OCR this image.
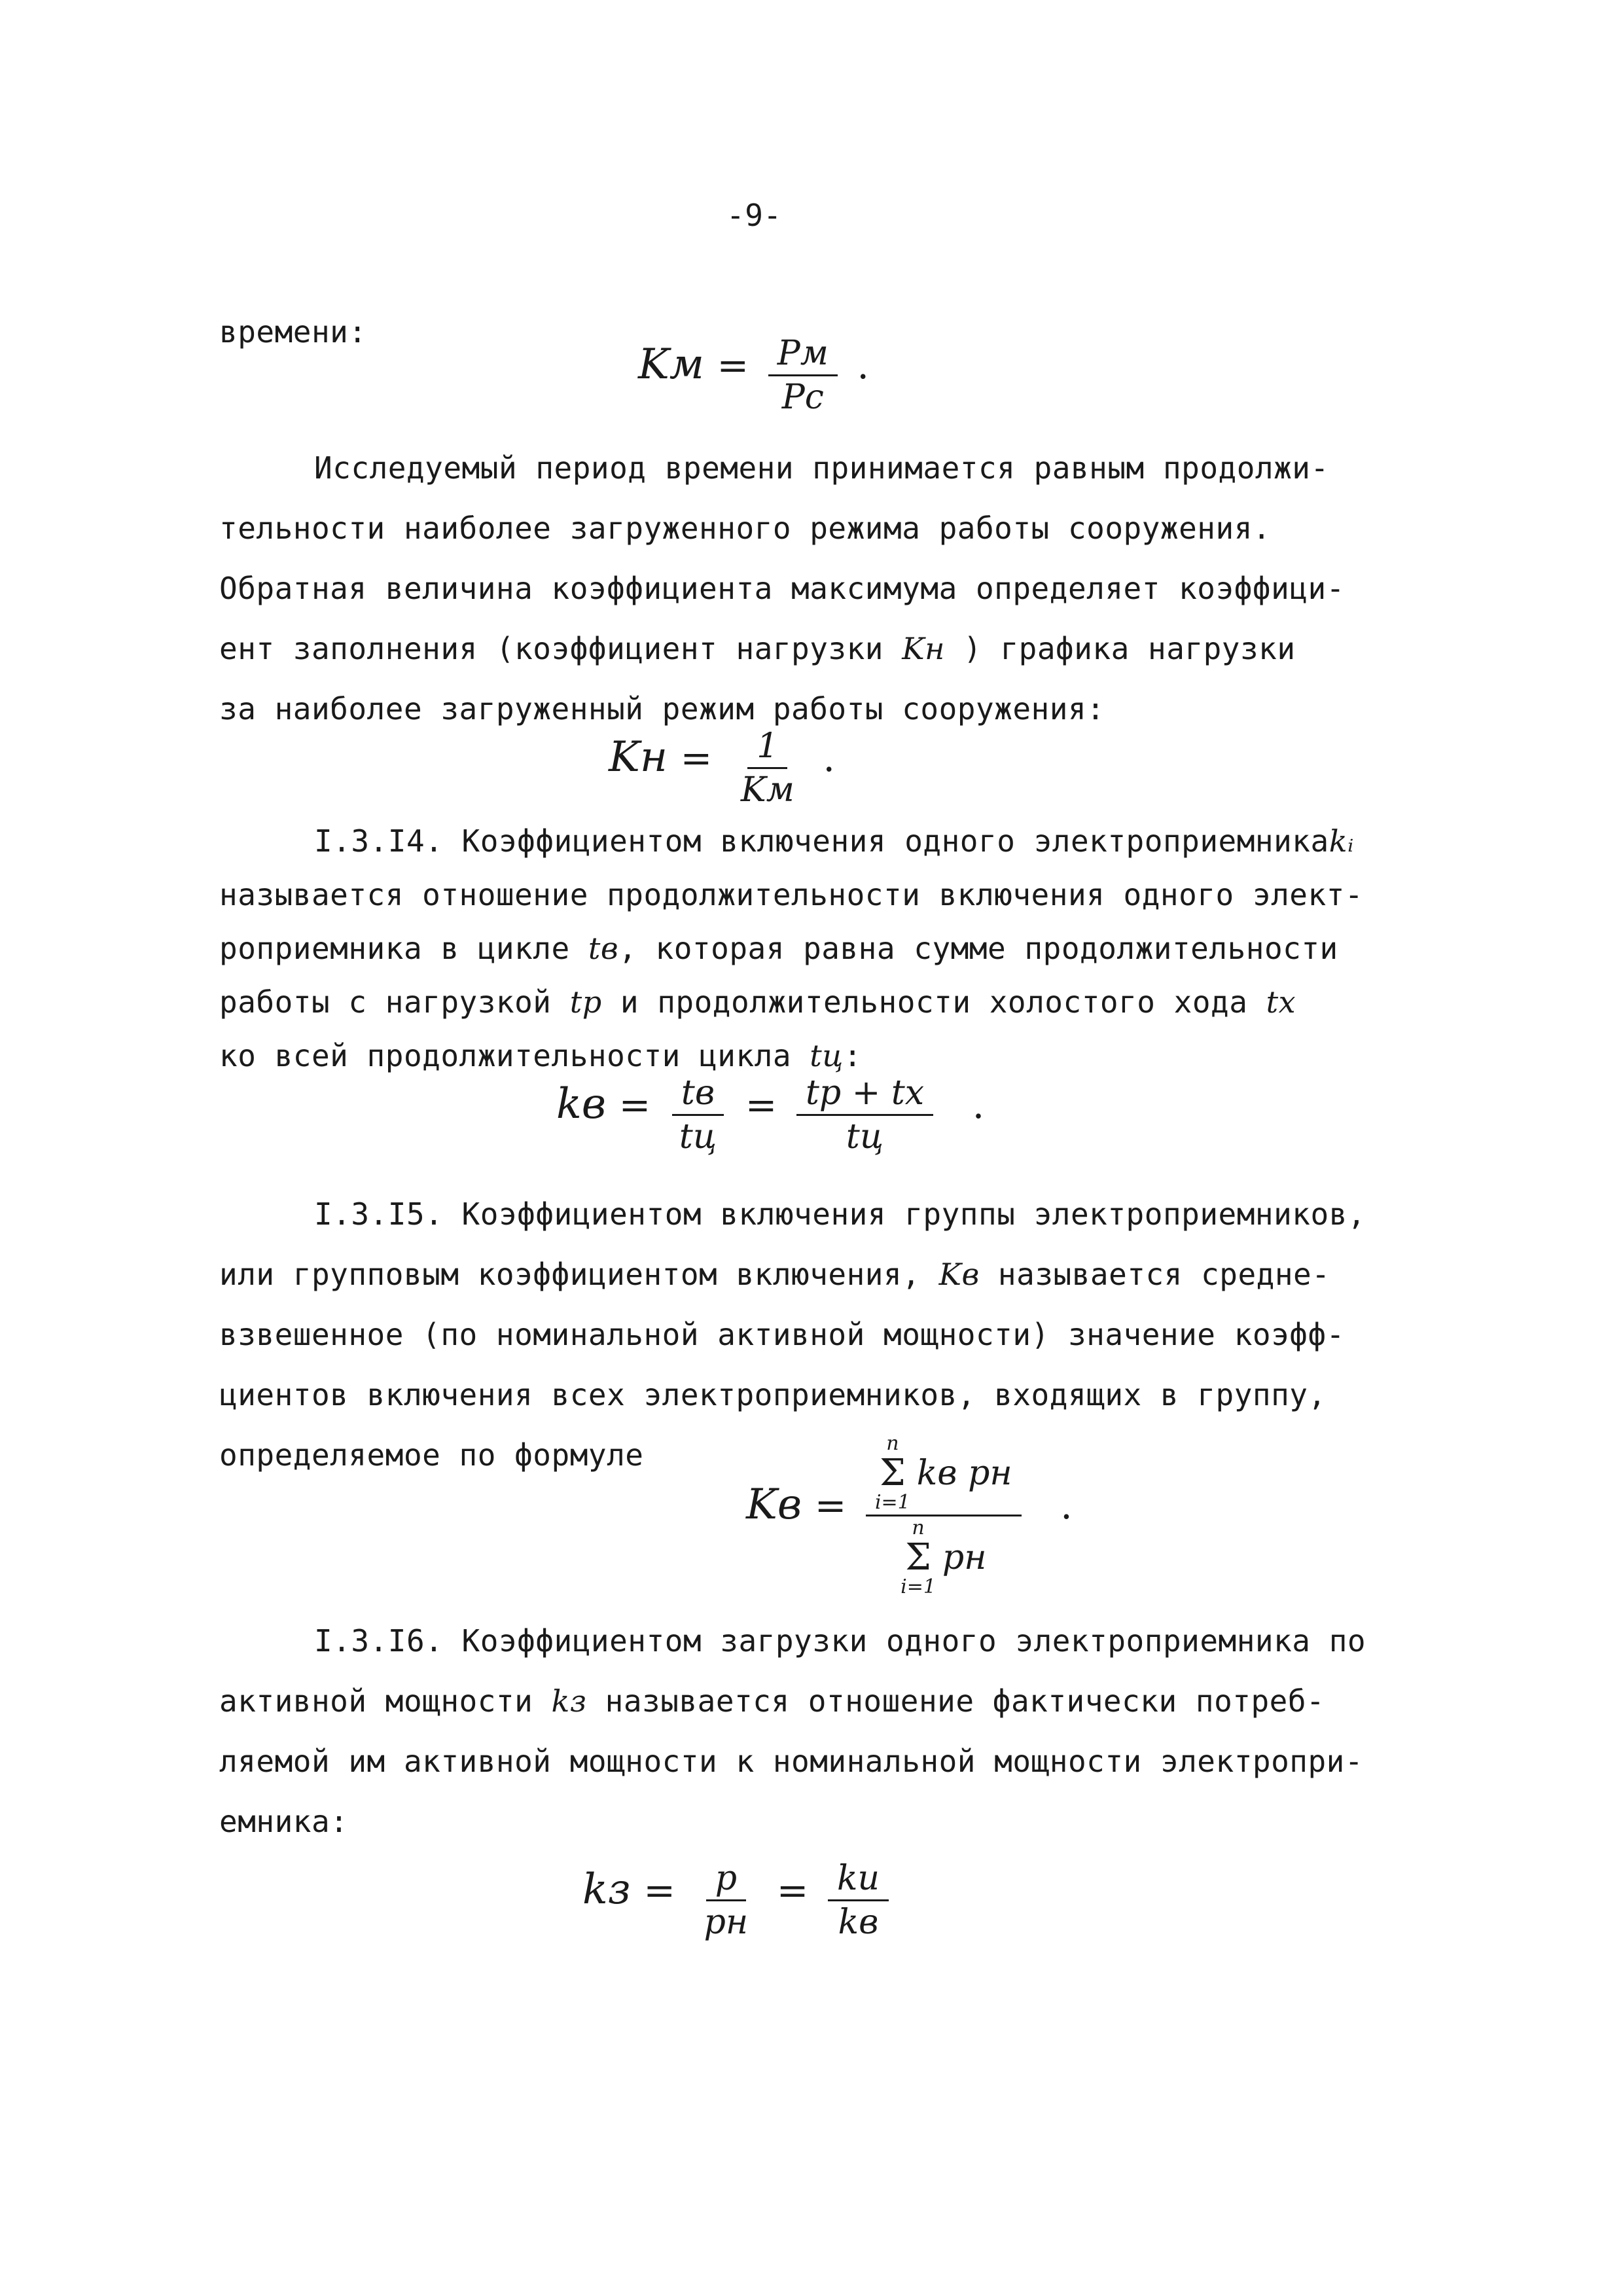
-9-
времени:
Kм = $\frac{Pм}{Pс}$ .
Исследуемый период времени принимается равным продолжи-
тельности наиболее загруженного режима работы сооружения.
Обратная величина коэффициента максимума определяет коэффици-
ент заполнения (коэффициент нагрузки Kн ) графика нагрузки
за наиболее загруженный режим работы сооружения:
Kн = $\frac{1}{Kм}$ .
I.3.I4. Коэффициентом включения одного электроприемникаkᵢ
называется отношение продолжительности включения одного элект-
роприемника в цикле tв, которая равна сумме продолжительности
работы с нагрузкой tр и продолжительности холостого хода tх
ко всей продолжительности цикла tц:
kв = $\frac{tв}{tц} = \frac{tр + tх}{tц}$ .
I.3.I5. Коэффициентом включения группы электроприемников,
или групповым коэффициентом включения, Kв называется средне-
взвешенное (по номинальной активной мощности) значение коэфф-
циентов включения всех электроприемников, входящих в группу,
определяемое по формуле
Kв = n
Σ
i=1
kв pн
n
Σ
i=1
pн .
I.3.I6. Коэффициентом загрузки одного электроприемника по
активной мощности kз называется отношение фактически потреб-
ляемой им активной мощности к номинальной мощности электропри-
емника:
kз = $\frac{p}{pн} = \frac{kи}{kв}$
